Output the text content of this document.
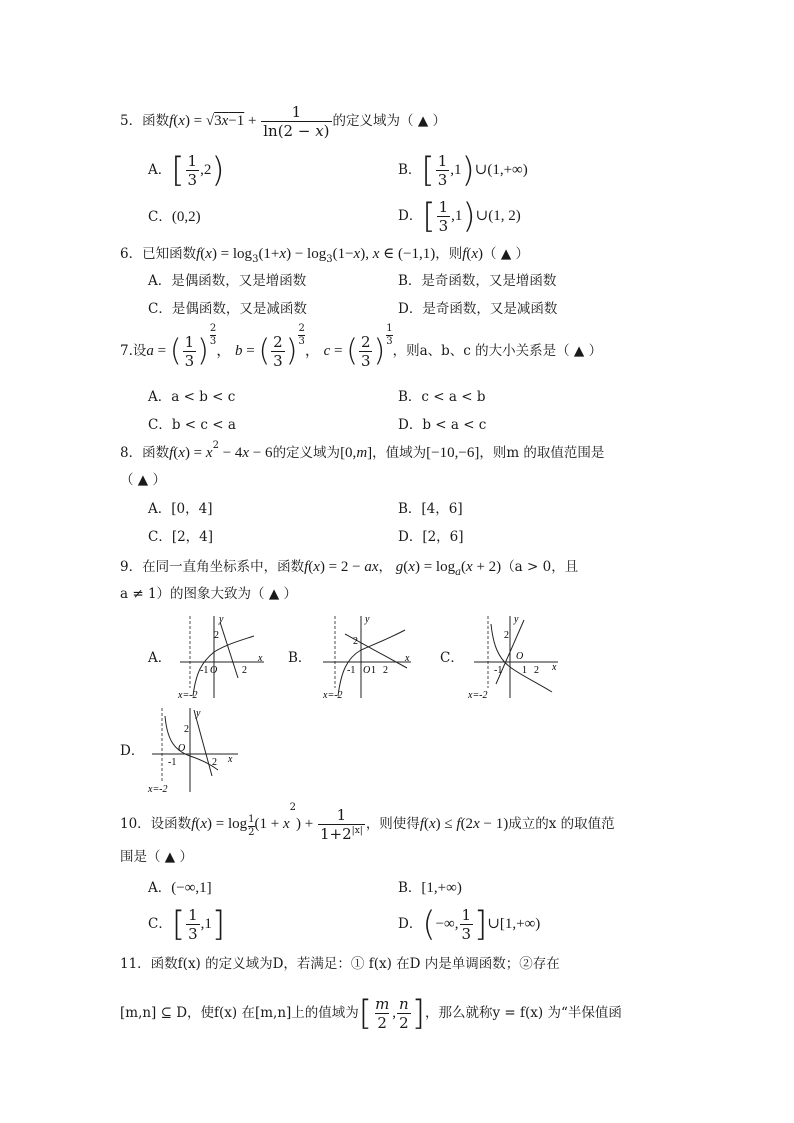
5．函数$f(x) = √3x-1 + \frac{1}{\ln(2 - x)}$ 的定义域为（ ▲ ）
A．[ $\frac{1}{3} ,2$)	B．[ $\frac{1}{3}$ ,1)∪(1,+∞)
C．(0,2)	D．[ $\frac{1}{3}$ ,1)∪(1, 2)
6．已知函数$f(x) = \log_3(1+x) - \log_3(1-x)$, x ∈ (−1,1)，则f(x)（ ▲ ）
A．是偶函数，又是增函数	B．是奇函数，又是增函数
C．是偶函数，又是减函数	D．是奇函数，又是减函数
7.设a = ( $\frac{1}{3}$ ) $\frac{2}{3}$
， b = ( $\frac{2}{3}$ ) $\frac{2}{3}$
， c = ( $\frac{2}{3}$ ) $\frac{1}{3}$
，则a、b、c 的大小关系是（ ▲ ）
A．a < b < c	B．c < a < b
C．b < c < a	D．b < a < c
8．函数$f(x) = x^2 - 4x - 6$的定义域为[0,m]，值域为[−10,−6]，则m 的取值范围是
（ ▲ ）
A．[0，4]	B．[4，6]
C．[2，4]	D．[2，6]
9．在同一直角坐标系中，函数f(x) = 2 − ax， $g(x) = \log_a(x + 2)(a > 0$，且
a ≠ 1）的图象大致为（ ▲ ）
A．
y
x
2
-1 O 2
x=-2
B．
y
x
2
-1 O 1 2
x=-2
C．
y
x
2
O
-1 1 2
x=-2
D．
y
x
2
O
-1	2
x=-2
10．设函数$f(x) = \log \frac{1}{2} (1 + x^2) + \frac{1}{1+2^{|x|}}$ ，则使得f(x) ≤ f(2x − 1)成立的x 的取值范
围是（ ▲ ）
A．(−∞,1]	B．[1,+∞)
C．[ $\frac{1}{3} ,1$]	D．(−∞, $\frac{1}{3}$ ]∪[1,+∞)
11．函数f(x) 的定义域为D，若满足：① f(x) 在D 内是单调函数；②存在
[m,n] ⊆ D，使f(x) 在[m,n]上的值域为[ $\frac{m}{2}$ , $\frac{n}{2}$ ]，那么就称y = f(x) 为“半保值函
